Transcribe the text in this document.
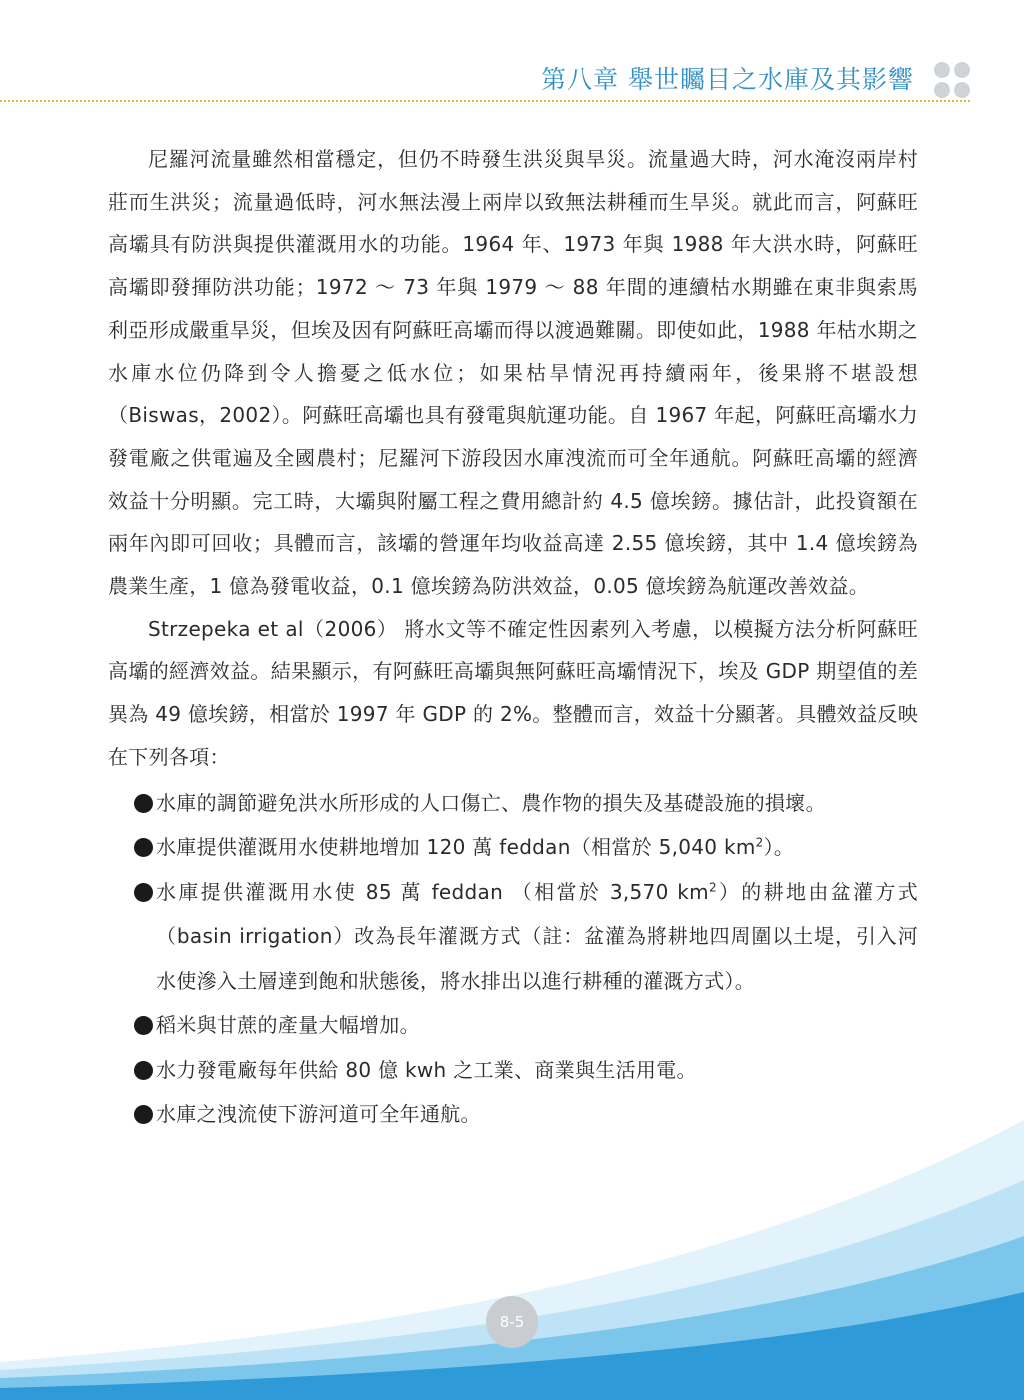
第八章 舉世矚目之水庫及其影響

尼羅河流量雖然相當穩定，但仍不時發生洪災與旱災。流量過大時，河水淹沒兩岸村莊而生洪災；流量過低時，河水無法漫上兩岸以致無法耕種而生旱災。就此而言，阿蘇旺高壩具有防洪與提供灌溉用水的功能。1964 年、1973 年與 1988 年大洪水時，阿蘇旺高壩即發揮防洪功能；1972 ～ 73 年與 1979 ～ 88 年間的連續枯水期雖在東非與索馬利亞形成嚴重旱災，但埃及因有阿蘇旺高壩而得以渡過難關。即使如此，1988 年枯水期之水庫水位仍降到令人擔憂之低水位；如果枯旱情況再持續兩年，後果將不堪設想（Biswas，2002）。阿蘇旺高壩也具有發電與航運功能。自 1967 年起，阿蘇旺高壩水力發電廠之供電遍及全國農村；尼羅河下游段因水庫洩流而可全年通航。阿蘇旺高壩的經濟效益十分明顯。完工時，大壩與附屬工程之費用總計約 4.5 億埃鎊。據估計，此投資額在兩年內即可回收；具體而言，該壩的營運年均收益高達 2.55 億埃鎊，其中 1.4 億埃鎊為農業生產，1 億為發電收益，0.1 億埃鎊為防洪效益，0.05 億埃鎊為航運改善效益。

Strzepeka et al（2006） 將水文等不確定性因素列入考慮，以模擬方法分析阿蘇旺高壩的經濟效益。結果顯示，有阿蘇旺高壩與無阿蘇旺高壩情況下，埃及 GDP 期望值的差異為 49 億埃鎊，相當於 1997 年 GDP 的 2%。整體而言，效益十分顯著。具體效益反映在下列各項：

水庫的調節避免洪水所形成的人口傷亡、農作物的損失及基礎設施的損壞。
水庫提供灌溉用水使耕地增加 120 萬 feddan（相當於 5,040 $km^2$）。
水庫提供灌溉用水使 85 萬 feddan （相當於 3,570 $km^2$）的耕地由盆灌方式（basin irrigation）改為長年灌溉方式（註：盆灌為將耕地四周圍以土堤，引入河水使滲入土層達到飽和狀態後，將水排出以進行耕種的灌溉方式）。
稻米與甘蔗的產量大幅增加。
水力發電廠每年供給 80 億 kwh 之工業、商業與生活用電。
水庫之洩流使下游河道可全年通航。
8-5
